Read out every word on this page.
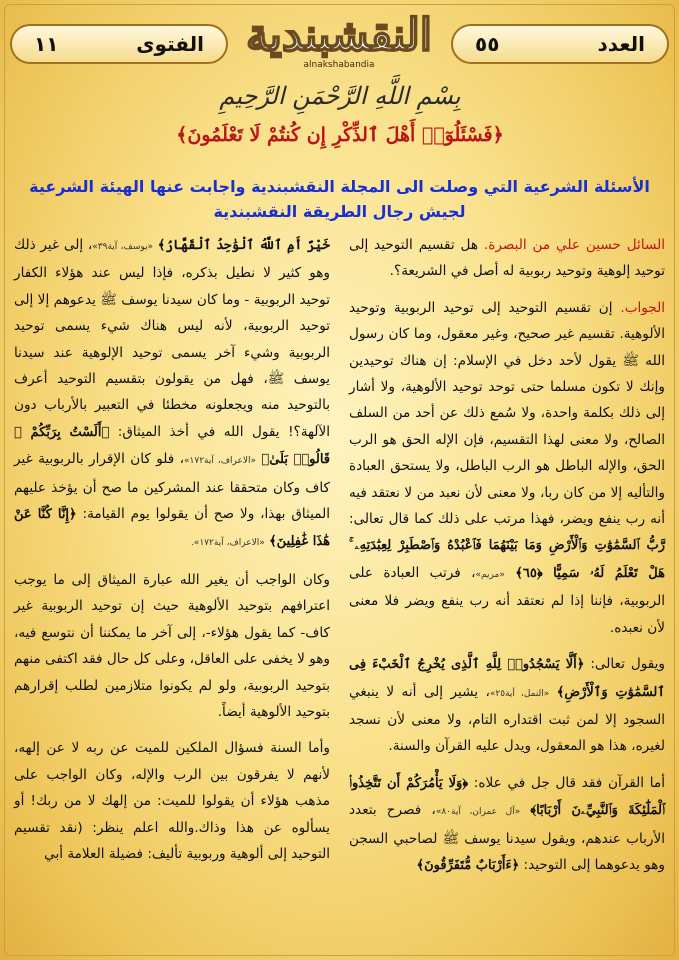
العدد
٥٥
النقشبندية
alnakshabandia
الفتوى
١١
بِسْمِ اللَّهِ الرَّحْمَنِ الرَّحِيمِ
﴿فَسْئَلُوٓا۟ أَهْلَ ٱلذِّكْرِ إِن كُنتُمْ لَا تَعْلَمُونَ﴾
الأسئلة الشرعية التي وصلت الى المجلة النقشبندية واجابت عنها الهيئة الشرعية
لجيش رجال الطريقة النقشبندية

السائل حسين علي من البصرة. هل تقسيم التوحيد إلى توحيد إلوهية وتوحيد ربوبية له أصل في الشريعة؟.

الجواب. إن تقسيم التوحيد إلى توحيد الربوبية وتوحيد الألوهية. تقسيم غير صحيح، وغير معقول، وما كان رسول الله ﷺ يقول لأحد دخل في الإسلام: إن هناك توحيدين وإنك لا تكون مسلما حتى توحد توحيد الألوهية، ولا أشار إلى ذلك بكلمة واحدة، ولا سُمع ذلك عن أحد من السلف الصالح، ولا معنى لهذا التقسيم، فإن الإله الحق هو الرب الحق، والإله الباطل هو الرب الباطل، ولا يستحق العبادة والتأليه إلا من كان ربا، ولا معنى لأن نعبد من لا نعتقد فيه أنه رب ينفع ويضر، فهذا مرتب على ذلك كما قال تعالى: رَّبُّ ٱلسَّمَٰوَٰتِ وَٱلْأَرْضِ وَمَا بَيْنَهُمَا فَٱعْبُدْهُ وَٱصْطَبِرْ لِعِبَٰدَتِهِۦ ۚ هَلْ تَعْلَمُ لَهُۥ سَمِيًّا ﴿٦٥﴾ «مريم»، فرتب العبادة على الربوبية، فإننا إذا لم نعتقد أنه رب ينفع ويضر فلا معنى لأن نعبده.

ويقول تعالى: ﴿أَلَّا يَسْجُدُوا۟ لِلَّهِ ٱلَّذِى يُخْرِجُ ٱلْخَبْءَ فِى ٱلسَّمَٰوَٰتِ وَٱلْأَرْضِ﴾ «النمل، آية٢٥»، يشير إلى أنه لا ينبغي السجود إلا لمن ثبت اقتداره التام، ولا معنى لأن نسجد لغيره، هذا هو المعقول، ويدل عليه القرآن والسنة.

أما القرآن فقد قال جل في علاه: ﴿وَلَا يَأْمُرَكُمْ أَن تَتَّخِذُوا۟ ٱلْمَلَٰٓئِكَةَ وَٱلنَّبِيِّۦنَ أَرْبَابًا﴾ «آل عمران، آية٨٠»، فصرح بتعدد الأرباب عندهم، ويقول سيدنا يوسف ﷺ لصاحبي السجن وهو يدعوهما إلى التوحيد: ﴿ءَأَرْبَابٌ مُّتَفَرِّقُونَ﴾

خَيْرٌ أَمِ ٱللَّهُ ٱلْوَٰحِدُ ٱلْقَهَّارُ﴾ «يوسف، آية٣٩»، إلى غير ذلك وهو كثير لا نطيل بذكره، فإذا ليس عند هؤلاء الكفار توحيد الربوبية - وما كان سيدنا يوسف ﷺ يدعوهم إلا إلى توحيد الربوبية، لأنه ليس هناك شيء يسمى توحيد الربوبية وشيء آخر يسمى توحيد الإلوهية عند سيدنا يوسف ﷺ، فهل من يقولون بتقسيم التوحيد أعرف بالتوحيد منه ويجعلونه مخطئا في التعبير بالأرباب دون الآلهة؟! يقول الله في أخذ الميثاق: ﴿أَلَسْتُ بِرَبِّكُمْ ۖ قَالُوا۟ بَلَىٰ﴾ «الاعراف، آية١٧٢»، فلو كان الإقرار بالربوبية غير كاف وكان متحققا عند المشركين ما صح أن يؤخذ عليهم الميثاق بهذا، ولا صح أن يقولوا يوم القيامة: ﴿إِنَّا كُنَّا عَنْ هَٰذَا غَٰفِلِينَ﴾ «الاعراف، آية١٧٢».

وكان الواجب أن يغير الله عبارة الميثاق إلى ما يوجب اعترافهم بتوحيد الألوهية حيث إن توحيد الربوبية غير كاف- كما يقول هؤلاء-، إلى آخر ما يمكننا أن نتوسع فيه، وهو لا يخفى على العاقل، وعلى كل حال فقد اكتفى منهم بتوحيد الربوبية، ولو لم يكونوا متلازمين لطلب إقرارهم بتوحيد الألوهية أيضاً.

وأما السنة فسؤال الملكين للميت عن ربه لا عن إلهه، لأنهم لا يفرقون بين الرب والإله، وكان الواجب على مذهب هؤلاء أن يقولوا للميت: من إلهك لا من ربك! أو يسألوه عن هذا وذاك.والله اعلم ينظر: (نقد تقسيم التوحيد إلى ألوهية وربوبية تأليف: فضيلة العلامة أبي
